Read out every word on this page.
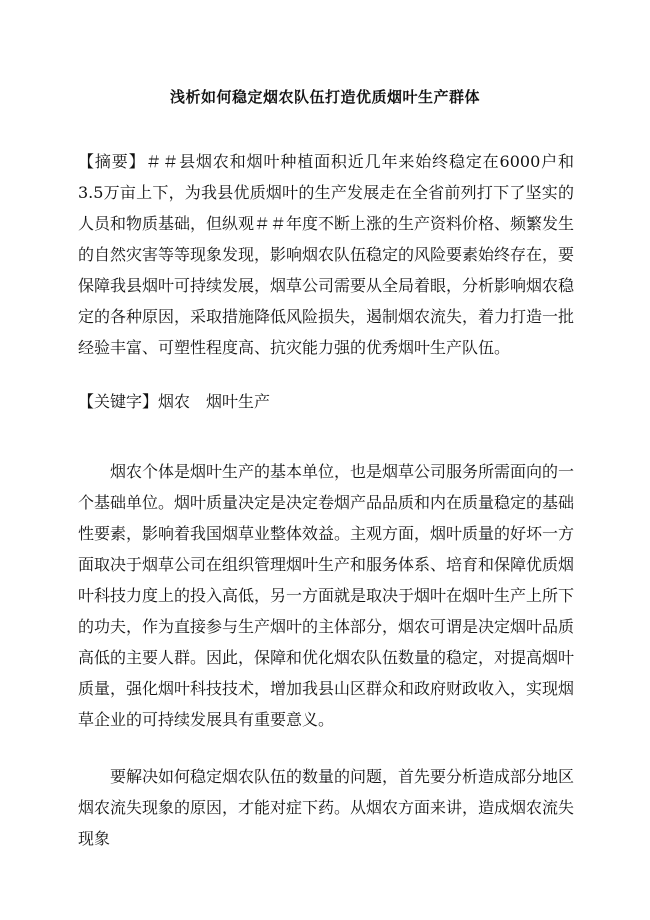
浅析如何稳定烟农队伍打造优质烟叶生产群体
【摘要】＃＃县烟农和烟叶种植面积近几年来始终稳定在6000户和3.5万亩上下，为我县优质烟叶的生产发展走在全省前列打下了坚实的人员和物质基础，但纵观＃＃年度不断上涨的生产资料价格、频繁发生的自然灾害等等现象发现，影响烟农队伍稳定的风险要素始终存在，要保障我县烟叶可持续发展，烟草公司需要从全局着眼，分析影响烟农稳定的各种原因，采取措施降低风险损失，遏制烟农流失，着力打造一批经验丰富、可塑性程度高、抗灾能力强的优秀烟叶生产队伍。
【关键字】烟农 烟叶生产
烟农个体是烟叶生产的基本单位，也是烟草公司服务所需面向的一个基础单位。烟叶质量决定是决定卷烟产品品质和内在质量稳定的基础性要素，影响着我国烟草业整体效益。主观方面，烟叶质量的好坏一方面取决于烟草公司在组织管理烟叶生产和服务体系、培育和保障优质烟叶科技力度上的投入高低，另一方面就是取决于烟叶在烟叶生产上所下的功夫，作为直接参与生产烟叶的主体部分，烟农可谓是决定烟叶品质高低的主要人群。因此，保障和优化烟农队伍数量的稳定，对提高烟叶质量，强化烟叶科技技术，增加我县山区群众和政府财政收入，实现烟草企业的可持续发展具有重要意义。
要解决如何稳定烟农队伍的数量的问题，首先要分析造成部分地区烟农流失现象的原因，才能对症下药。从烟农方面来讲，造成烟农流失现象
